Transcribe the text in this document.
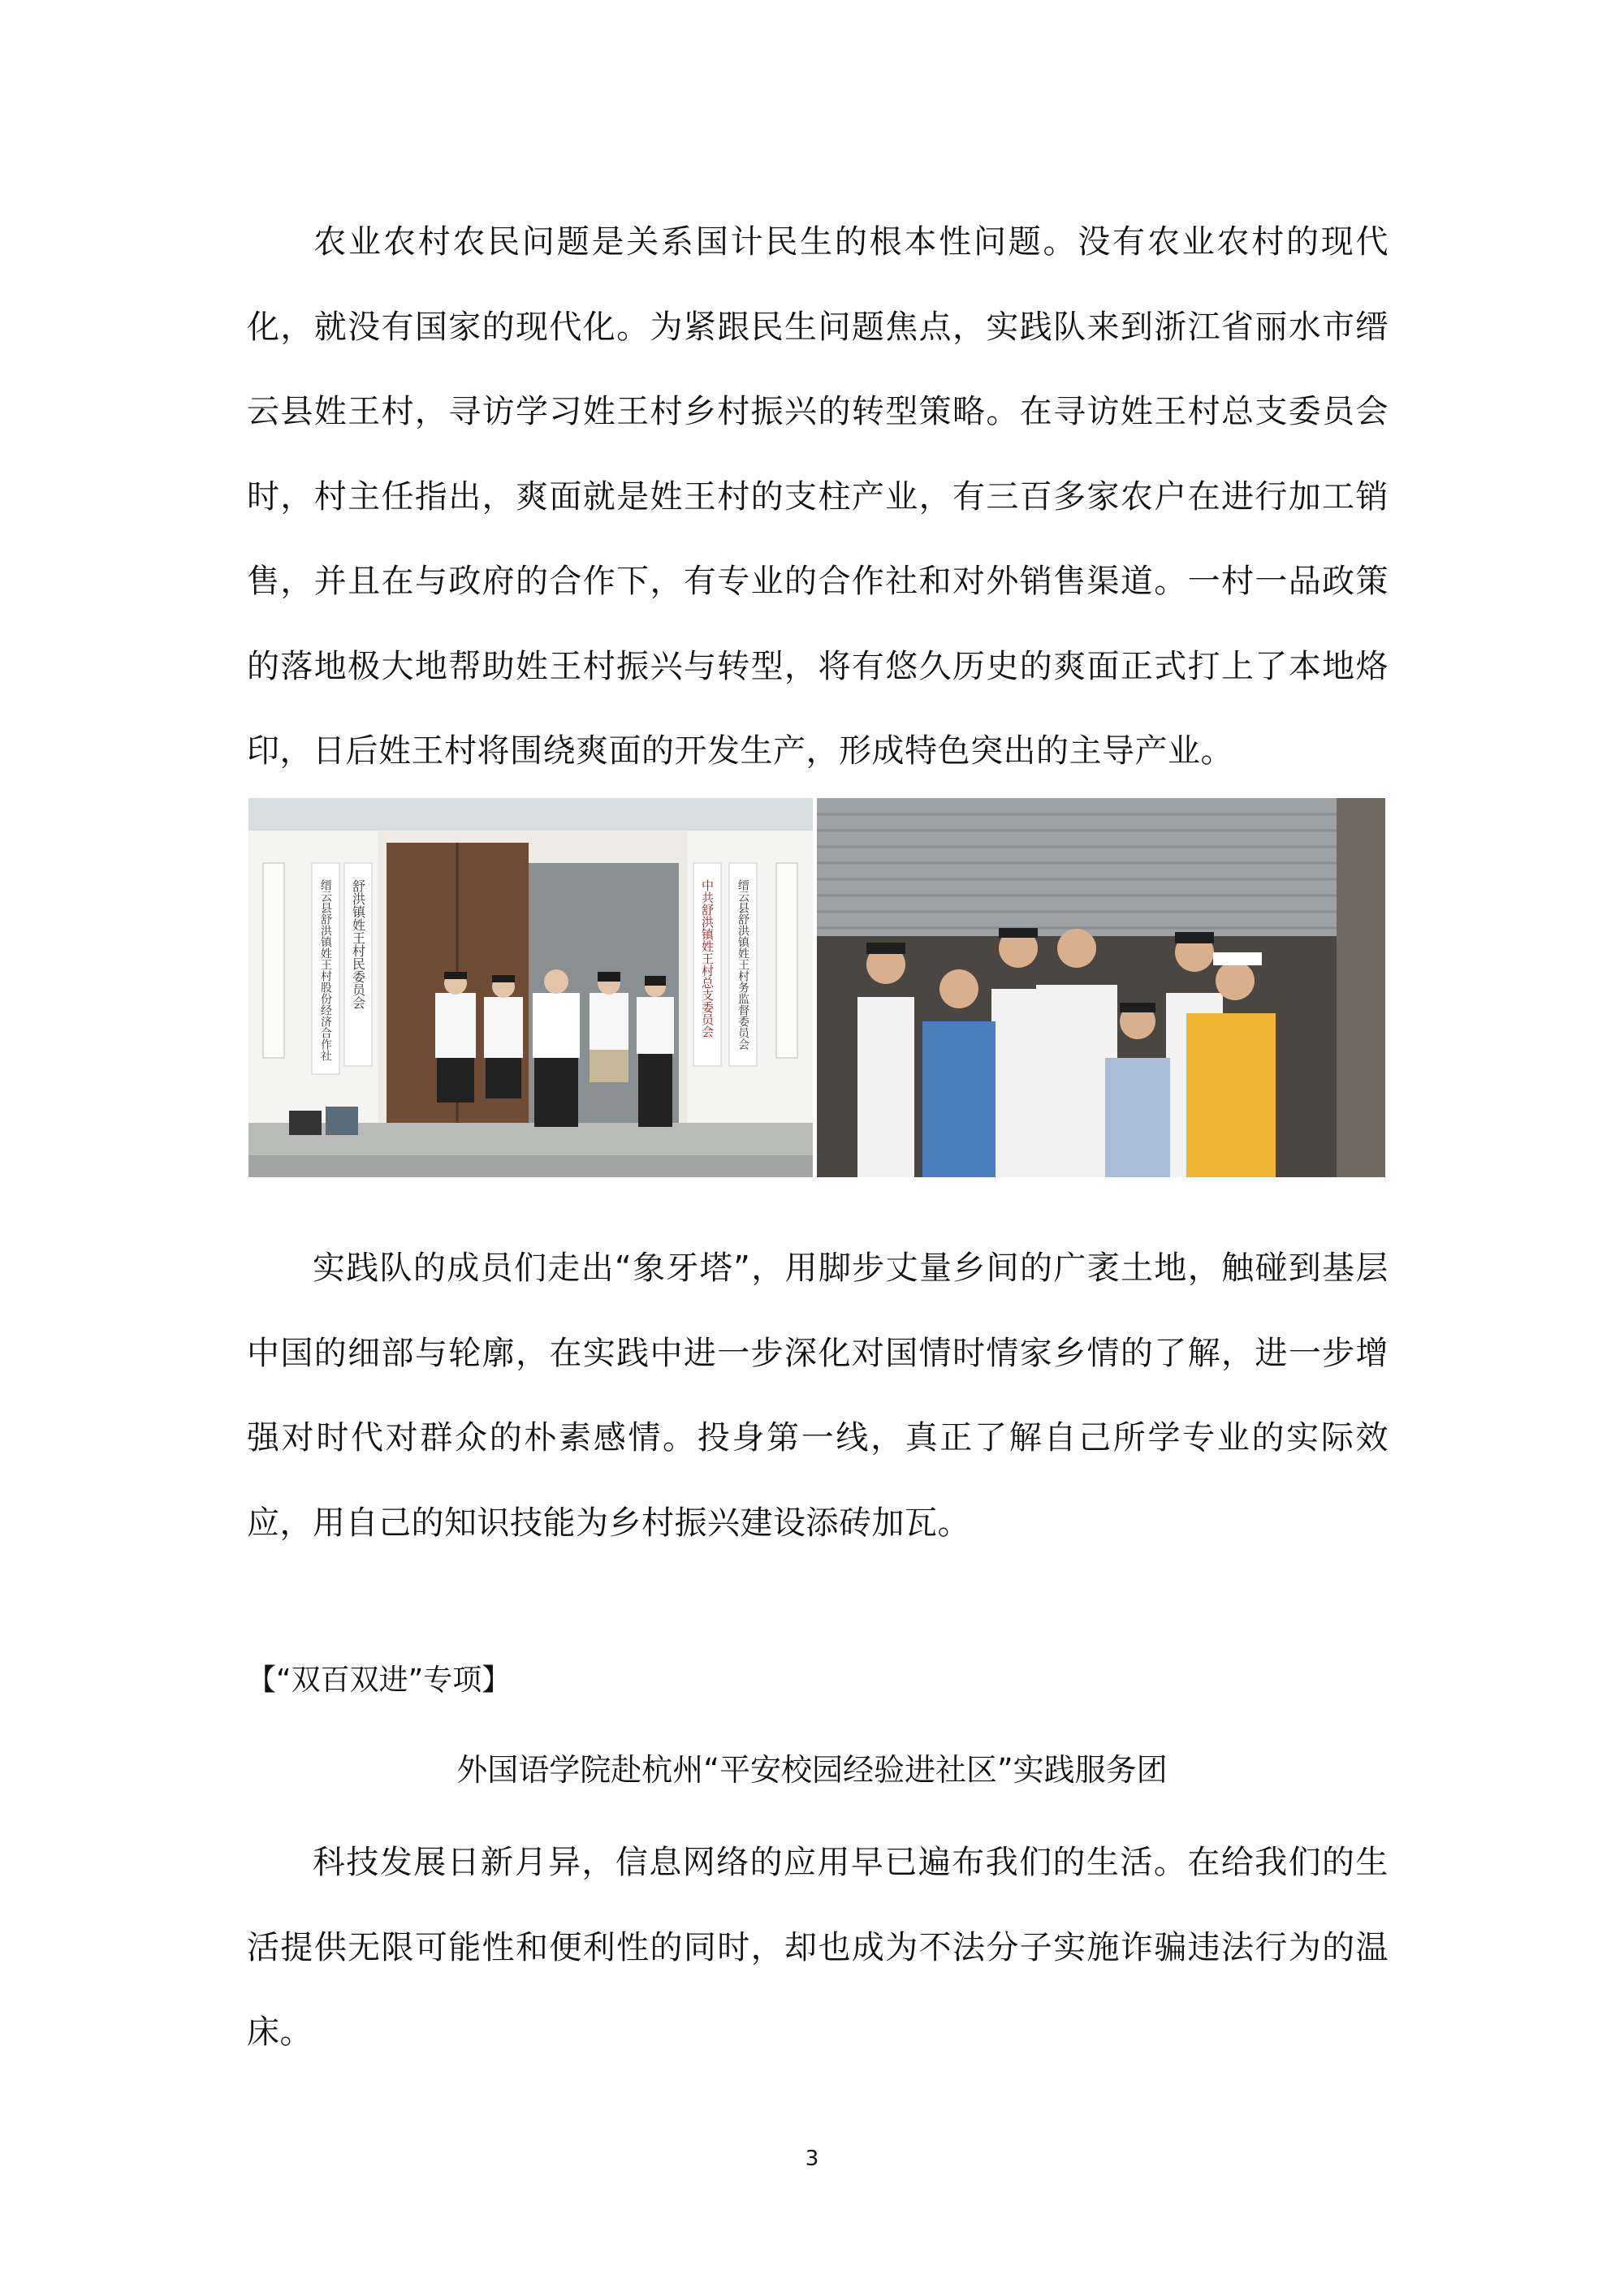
农业农村农民问题是关系国计民生的根本性问题。没有农业农村的现代化，就没有国家的现代化。为紧跟民生问题焦点，实践队来到浙江省丽水市缙云县姓王村，寻访学习姓王村乡村振兴的转型策略。在寻访姓王村总支委员会时，村主任指出，爽面就是姓王村的支柱产业，有三百多家农户在进行加工销售，并且在与政府的合作下，有专业的合作社和对外销售渠道。一村一品政策的落地极大地帮助姓王村振兴与转型，将有悠久历史的爽面正式打上了本地烙印，日后姓王村将围绕爽面的开发生产，形成特色突出的主导产业。

舒洪镇姓王村民委员会
缙云县舒洪镇姓王村股份经济合作社	中共舒洪镇姓王村总支委员会 缙云县舒洪镇姓王村务监督委员会

实践队的成员们走出“象牙塔”，用脚步丈量乡间的广袤土地，触碰到基层中国的细部与轮廓，在实践中进一步深化对国情时情家乡情的了解，进一步增强对时代对群众的朴素感情。投身第一线，真正了解自己所学专业的实际效应，用自己的知识技能为乡村振兴建设添砖加瓦。

【“双百双进”专项】

外国语学院赴杭州“平安校园经验进社区”实践服务团

科技发展日新月异，信息网络的应用早已遍布我们的生活。在给我们的生活提供无限可能性和便利性的同时，却也成为不法分子实施诈骗违法行为的温床。

3
